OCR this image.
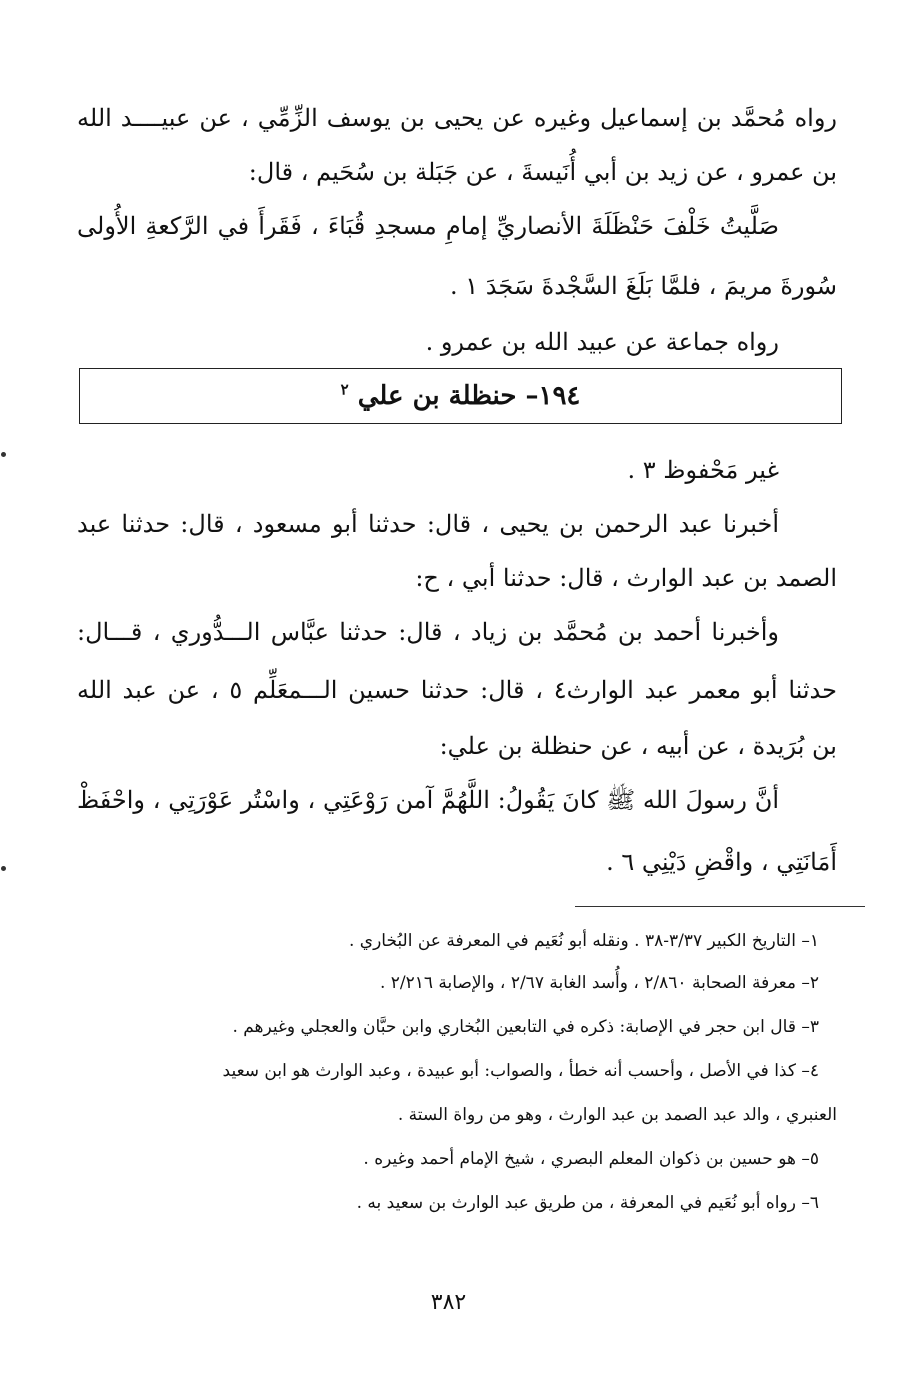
رواه مُحمَّد بن إسماعيل وغيره عن يحيى بن يوسف الزِّمِّي ، عن عبيــــد الله
بن عمرو ، عن زيد بن أبي أُنَيسةَ ، عن جَبَلة بن سُحَيم ، قال:
صَلَّيتُ خَلْفَ حَنْظَلَةَ الأنصاريِّ إمامِ مسجدِ قُبَاءَ ، فَقَرأَ في الرَّكعةِ الأُولى
سُورةَ مريمَ ، فلمَّا بَلَغَ السَّجْدةَ سَجَدَ ١ .
رواه جماعة عن عبيد الله بن عمرو .
١٩٤– حنظلة بن علي $^٢$
غير مَحْفوظ ٣ .
أخبرنا عبد الرحمن بن يحيى ، قال: حدثنا أبو مسعود ، قال: حدثنا عبد
الصمد بن عبد الوارث ، قال: حدثنا أبي ، ح:
وأخبرنا أحمد بن مُحمَّد بن زياد ، قال: حدثنا عبَّاس الـــدُّوري ، قـــال:
حدثنا أبو معمر عبد الوارث٤ ، قال: حدثنا حسين الـــمعَلِّم ٥ ، عن عبد الله
بن بُرَيدة ، عن أبيه ، عن حنظلة بن علي:
أنَّ رسولَ الله ﷺ كانَ يَقُولُ: اللَّهُمَّ آمن رَوْعَتِي ، واسْتُر عَوْرَتِي ، واحْفَظْ
أَمَانَتِي ، واقْضِ دَيْنِي ٦ .
١– التاريخ الكبير ٣/٣٧-٣٨ . ونقله أبو نُعَيم في المعرفة عن البُخاري .
٢– معرفة الصحابة ٢/٨٦٠ ، وأُسد الغابة ٢/٦٧ ، والإصابة ٢/٢١٦ .
٣– قال ابن حجر في الإصابة: ذكره في التابعين البُخاري وابن حبَّان والعجلي وغيرهم .
٤– كذا في الأصل ، وأحسب أنه خطأ ، والصواب: أبو عبيدة ، وعبد الوارث هو ابن سعيد
العنبري ، والد عبد الصمد بن عبد الوارث ، وهو من رواة الستة .
٥– هو حسين بن ذكوان المعلم البصري ، شيخ الإمام أحمد وغيره .
٦– رواه أبو نُعَيم في المعرفة ، من طريق عبد الوارث بن سعيد به .
٣٨٢
